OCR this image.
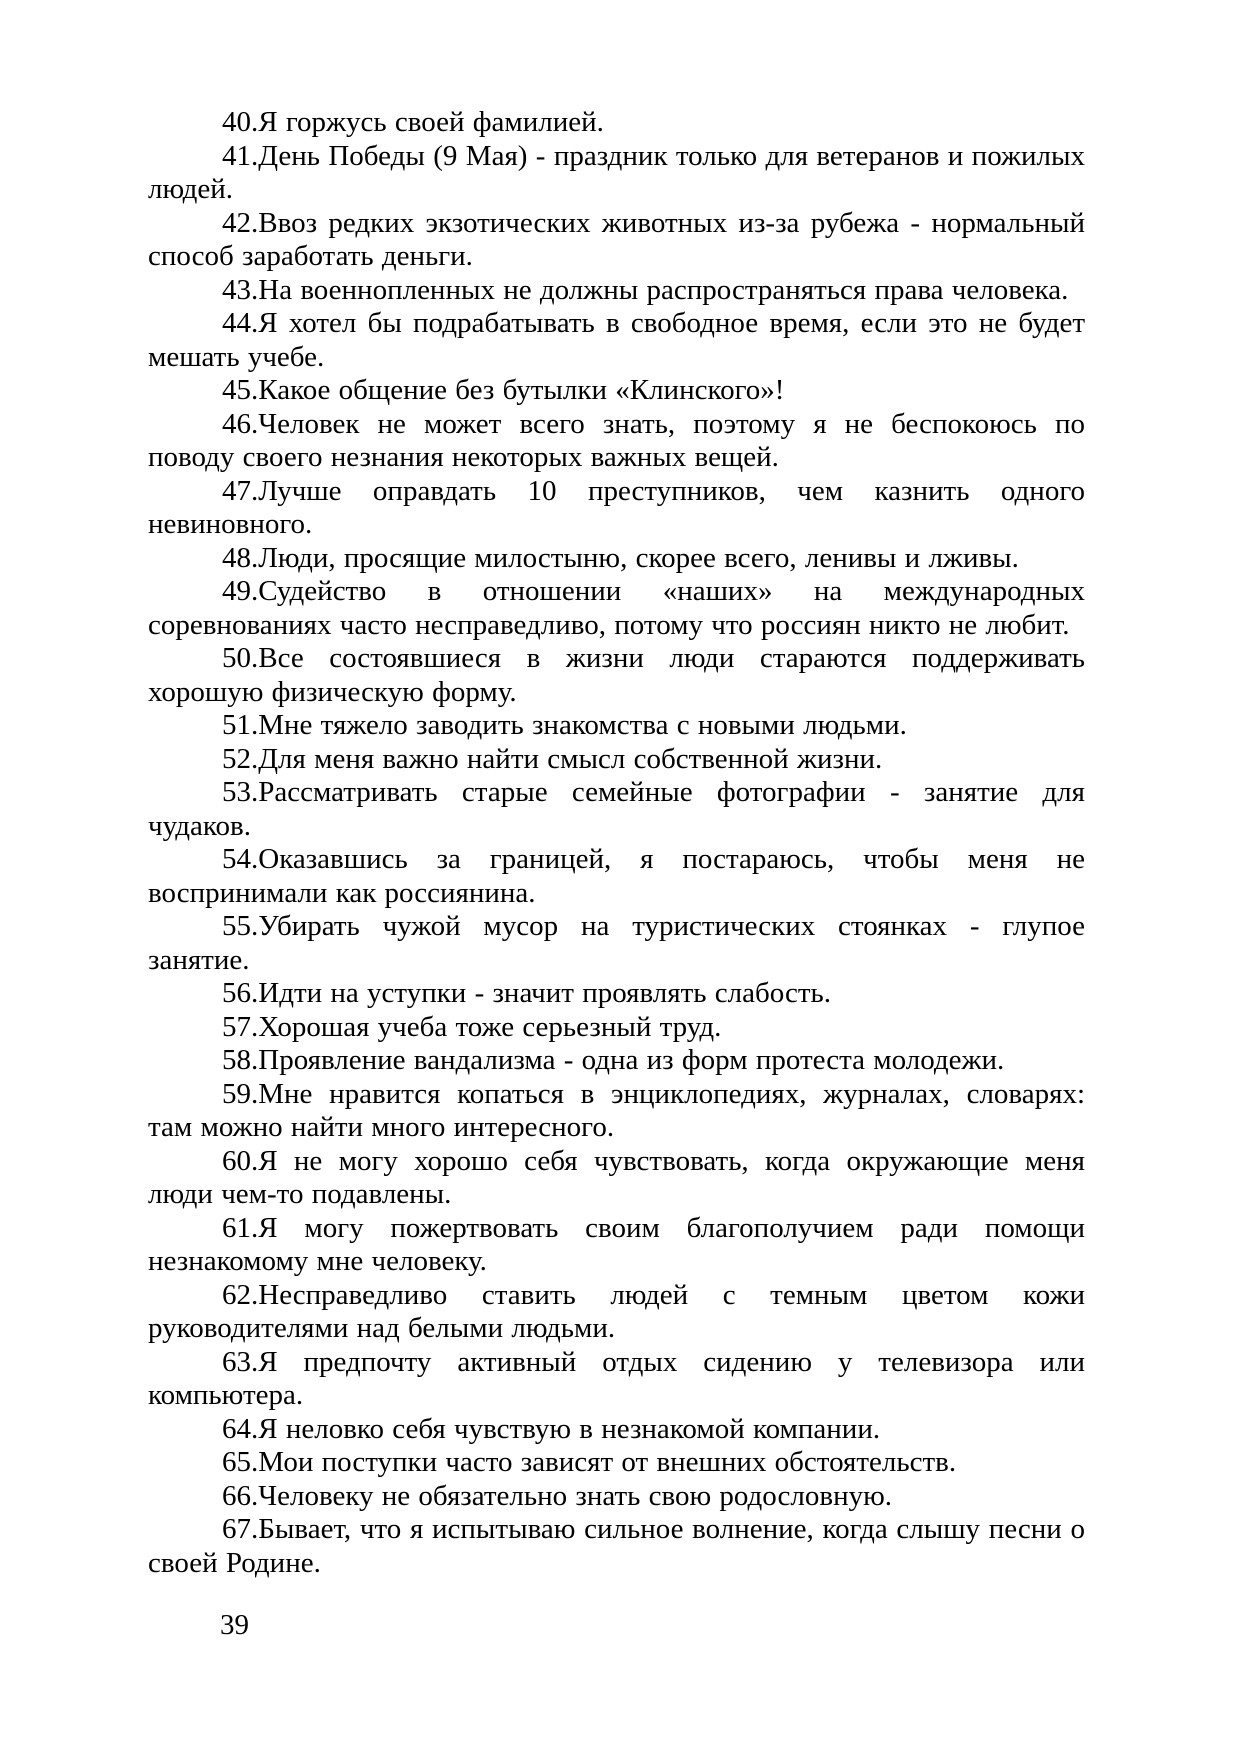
40.Я горжусь своей фамилией.

41.День Победы (9 Мая) - праздник только для ветеранов и пожилых людей.

42.Ввоз редких экзотических животных из-за рубежа - нормальный способ заработать деньги.

43.На военнопленных не должны распространяться права человека.

44.Я хотел бы подрабатывать в свободное время, если это не будет мешать учебе.

45.Какое общение без бутылки «Клинского»!

46.Человек не может всего знать, поэтому я не беспокоюсь по поводу своего незнания некоторых важных вещей.

47.Лучше оправдать 10 преступников, чем казнить одного невиновного.

48.Люди, просящие милостыню, скорее всего, ленивы и лживы.

49.Судейство в отношении «наших» на международных соревнованиях часто несправедливо, потому что россиян никто не любит.

50.Все состоявшиеся в жизни люди стараются поддерживать хорошую физическую форму.

51.Мне тяжело заводить знакомства с новыми людьми.

52.Для меня важно найти смысл собственной жизни.

53.Рассматривать старые семейные фотографии - занятие для чудаков.

54.Оказавшись за границей, я постараюсь, чтобы меня не воспринимали как россиянина.

55.Убирать чужой мусор на туристических стоянках - глупое занятие.

56.Идти на уступки - значит проявлять слабость.

57.Хорошая учеба тоже серьезный труд.

58.Проявление вандализма - одна из форм протеста молодежи.

59.Мне нравится копаться в энциклопедиях, журналах, словарях: там можно найти много интересного.

60.Я не могу хорошо себя чувствовать, когда окружающие меня люди чем-то подавлены.

61.Я могу пожертвовать своим благополучием ради помощи незнакомому мне человеку.

62.Несправедливо ставить людей с темным цветом кожи руководителями над белыми людьми.

63.Я предпочту активный отдых сидению у телевизора или компьютера.

64.Я неловко себя чувствую в незнакомой компании.

65.Мои поступки часто зависят от внешних обстоятельств.

66.Человеку не обязательно знать свою родословную.

67.Бывает, что я испытываю сильное волнение, когда слышу песни о своей Родине.

39
